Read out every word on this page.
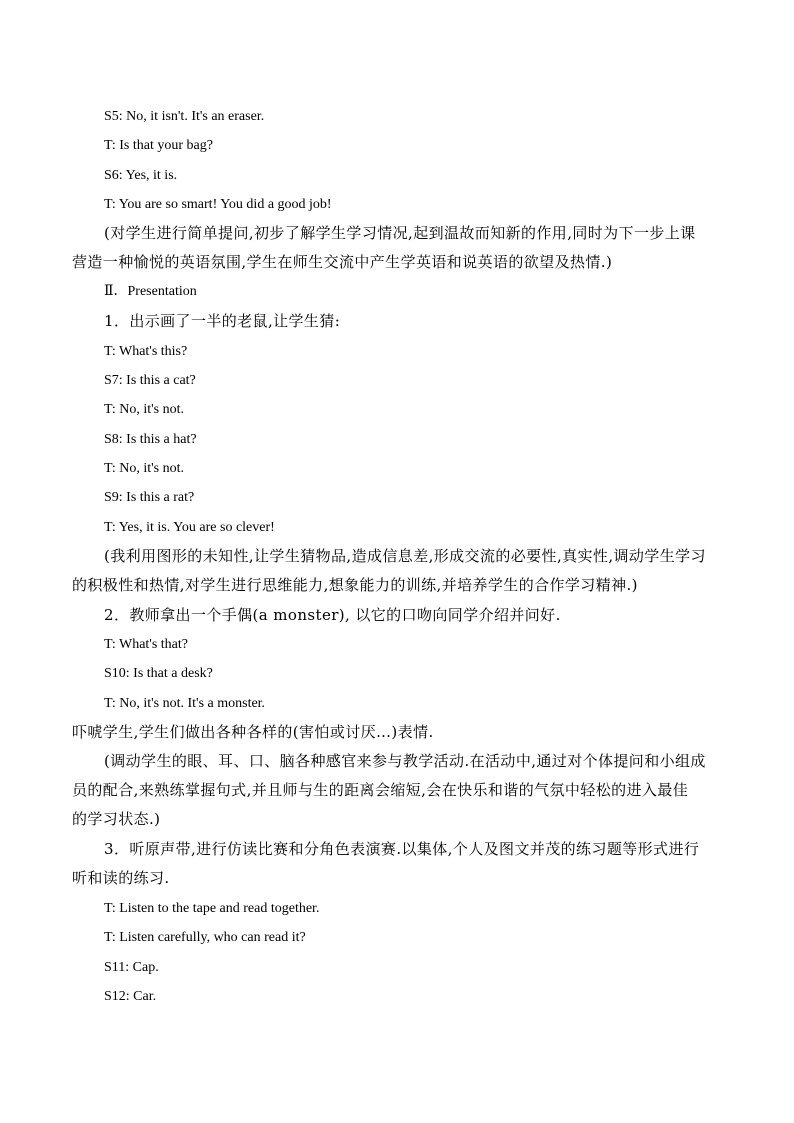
S5: No, it isn't. It's an eraser.
T: Is that your bag?
S6: Yes, it is.
T: You are so smart! You did a good job!
(对学生进行简单提问,初步了解学生学习情况,起到温故而知新的作用,同时为下一步上课
营造一种愉悦的英语氛围,学生在师生交流中产生学英语和说英语的欲望及热情.)
Ⅱ．Presentation
1．出示画了一半的老鼠,让学生猜:
T: What's this?
S7: Is this a cat?
T: No, it's not.
S8: Is this a hat?
T: No, it's not.
S9: Is this a rat?
T: Yes, it is. You are so clever!
(我利用图形的未知性,让学生猜物品,造成信息差,形成交流的必要性,真实性,调动学生学习
的积极性和热情,对学生进行思维能力,想象能力的训练,并培养学生的合作学习精神.)
2．教师拿出一个手偶(a monster), 以它的口吻向同学介绍并问好.
T: What's that?
S10: Is that a desk?
T: No, it's not. It's a monster.
吓唬学生,学生们做出各种各样的(害怕或讨厌…)表情.
(调动学生的眼、耳、口、脑各种感官来参与教学活动.在活动中,通过对个体提问和小组成
员的配合,来熟练掌握句式,并且师与生的距离会缩短,会在快乐和谐的气氛中轻松的进入最佳
的学习状态.)
3．听原声带,进行仿读比赛和分角色表演赛.以集体,个人及图文并茂的练习题等形式进行
听和读的练习.
T: Listen to the tape and read together.
T: Listen carefully, who can read it?
S11: Cap.
S12: Car.
